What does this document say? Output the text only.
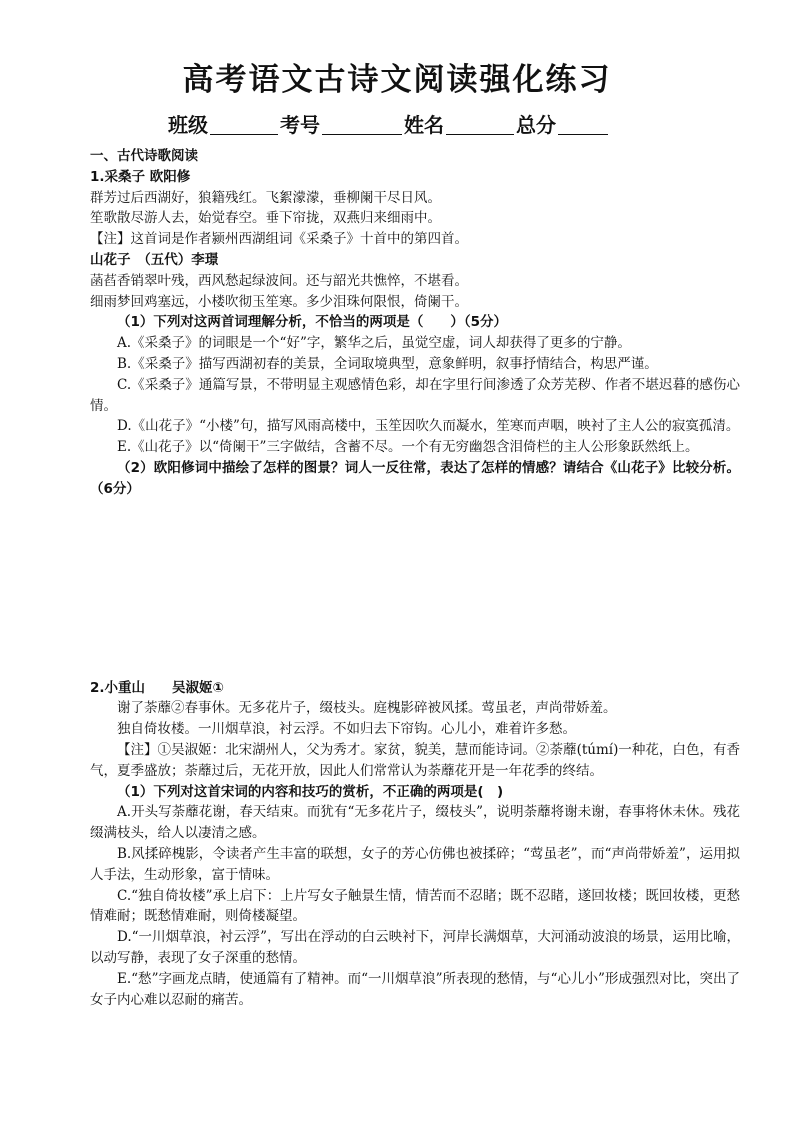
高考语文古诗文阅读强化练习
班级	考号	姓名	总分
一、古代诗歌阅读
1.采桑子 欧阳修
群芳过后西湖好，狼籍残红。飞絮濛濛，垂柳阑干尽日风。
笙歌散尽游人去，始觉春空。垂下帘拢，双燕归来细雨中。
【注】这首词是作者颍州西湖组词《采桑子》十首中的第四首。
山花子　（五代）李璟
菡萏香销翠叶残，西风愁起绿波间。还与韶光共憔悴，不堪看。
细雨梦回鸡塞远，小楼吹彻玉笙寒。多少泪珠何限恨，倚阑干。
（1）下列对这两首词理解分析，不恰当的两项是（　　）（5分）
A.《采桑子》的词眼是一个“好”字，繁华之后，虽觉空虚，词人却获得了更多的宁静。
B.《采桑子》描写西湖初春的美景，全词取境典型，意象鲜明，叙事抒情结合，构思严谨。
C.《采桑子》通篇写景，不带明显主观感情色彩，却在字里行间渗透了众芳芜秽、作者不堪迟暮的感伤心情。
D.《山花子》“小楼”句，描写风雨高楼中，玉笙因吹久而凝水，笙寒而声咽，映衬了主人公的寂寞孤清。
E.《山花子》以“倚阑干”三字做结，含蓄不尽。一个有无穷幽怨含泪倚栏的主人公形象跃然纸上。
（2）欧阳修词中描绘了怎样的图景？词人一反往常，表达了怎样的情感？请结合《山花子》比较分析。（6分）
2.小重山　　吴淑姬①
谢了荼蘼②春事休。无多花片子，缀枝头。庭槐影碎被风揉。莺虽老，声尚带娇羞。
独自倚妆楼。一川烟草浪，衬云浮。不如归去下帘钩。心儿小，难着许多愁。
【注】①吴淑姬：北宋湖州人，父为秀才。家贫，貌美，慧而能诗词。②荼蘼(túmí)一种花，白色，有香气，夏季盛放；荼蘼过后，无花开放，因此人们常常认为荼蘼花开是一年花季的终结。
（1）下列对这首宋词的内容和技巧的赏析，不正确的两项是(　)
A.开头写荼蘼花谢，春天结束。而犹有“无多花片子，缀枝头”，说明荼蘼将谢未谢，春事将休未休。残花缀满枝头，给人以凄清之感。
B.风揉碎槐影，令读者产生丰富的联想，女子的芳心仿佛也被揉碎；“莺虽老”，而“声尚带娇羞”，运用拟人手法，生动形象，富于情味。
C.“独自倚妆楼”承上启下：上片写女子触景生情，情苦而不忍睹；既不忍睹，遂回妆楼；既回妆楼，更愁情难耐；既愁情难耐，则倚楼凝望。
D.“一川烟草浪，衬云浮”，写出在浮动的白云映衬下，河岸长满烟草，大河涌动波浪的场景，运用比喻，以动写静，表现了女子深重的愁情。
E.“愁”字画龙点睛，使通篇有了精神。而“一川烟草浪”所表现的愁情，与“心儿小”形成强烈对比，突出了女子内心难以忍耐的痛苦。
